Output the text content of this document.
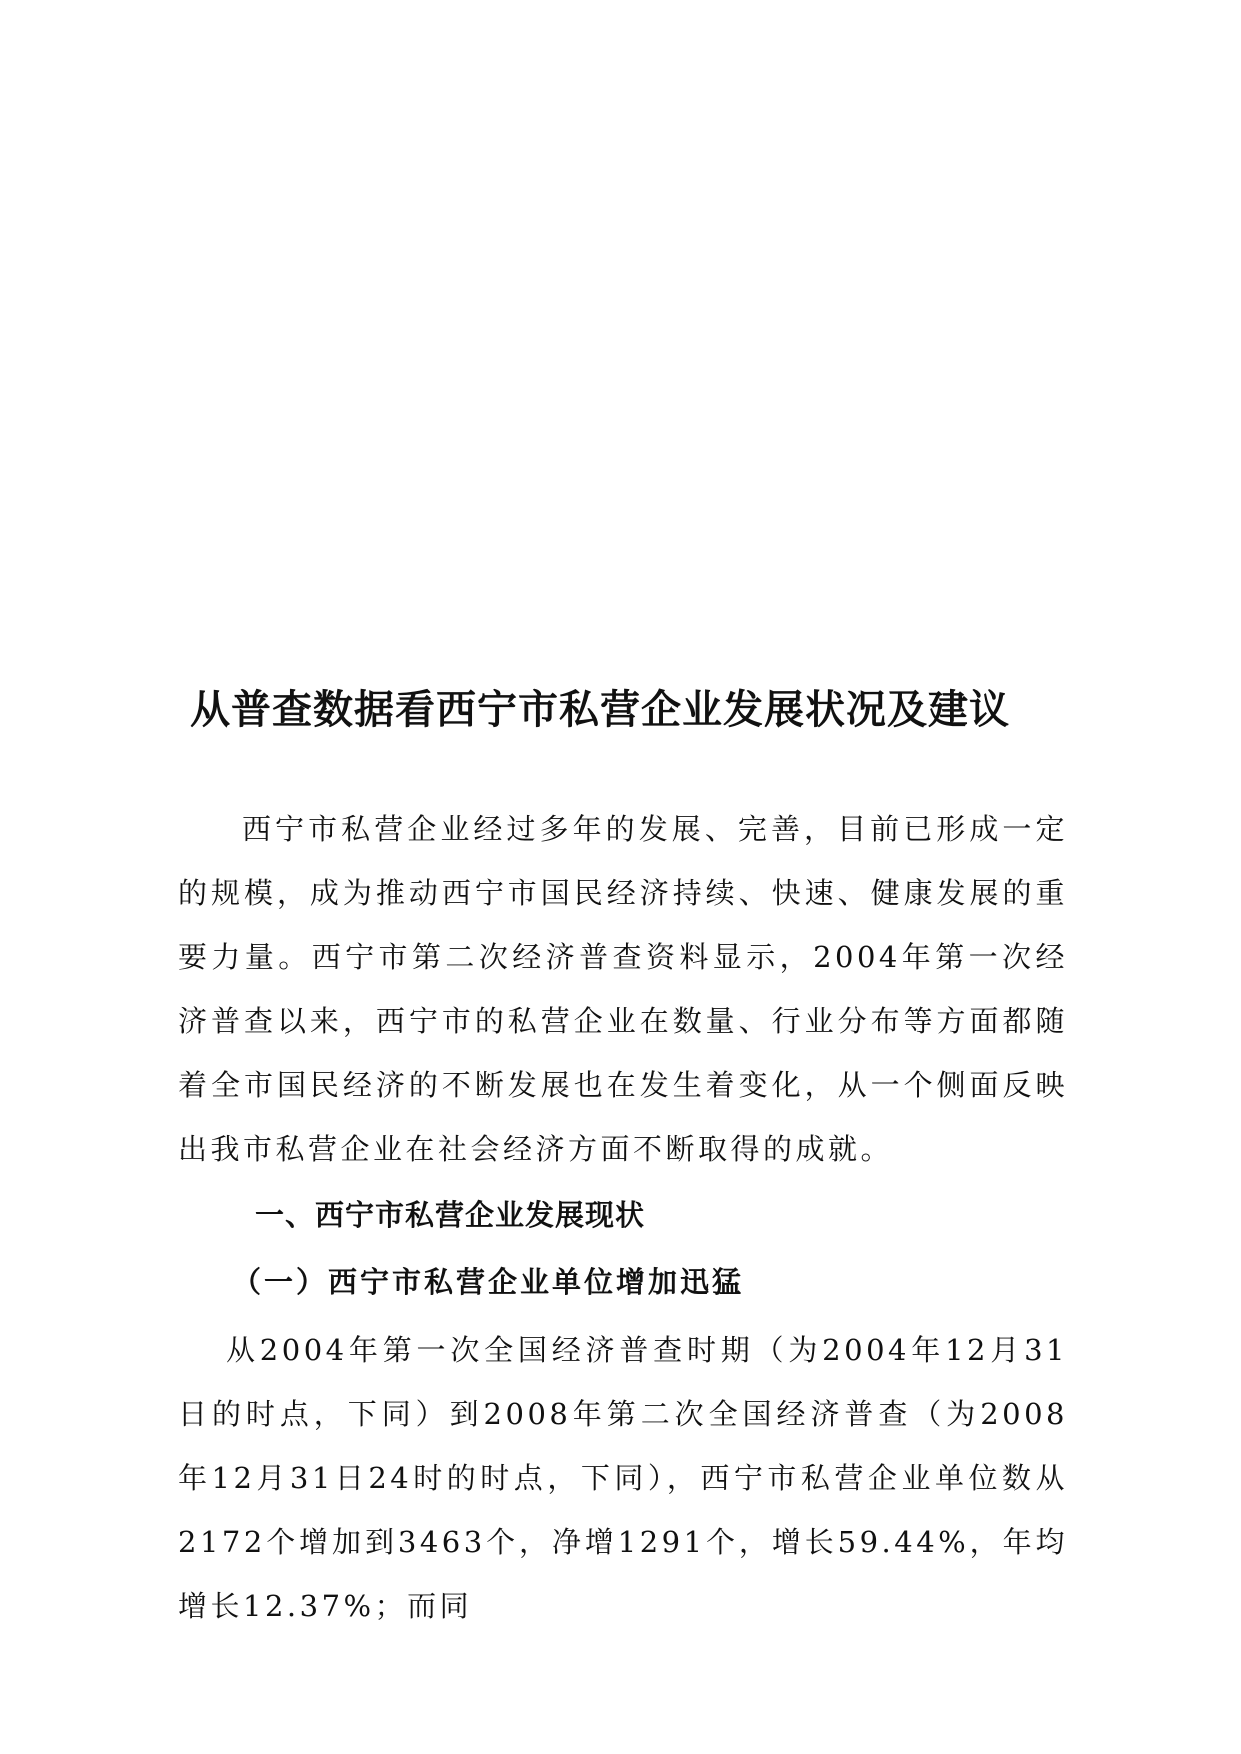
从普查数据看西宁市私营企业发展状况及建议

西宁市私营企业经过多年的发展、完善，目前已形成一定的规模，成为推动西宁市国民经济持续、快速、健康发展的重要力量。西宁市第二次经济普查资料显示，2004年第一次经济普查以来，西宁市的私营企业在数量、行业分布等方面都随着全市国民经济的不断发展也在发生着变化，从一个侧面反映出我市私营企业在社会经济方面不断取得的成就。

一、西宁市私营企业发展现状
（一）西宁市私营企业单位增加迅猛

从2004年第一次全国经济普查时期（为2004年12月31日的时点，下同）到2008年第二次全国经济普查（为2008年12月31日24时的时点，下同），西宁市私营企业单位数从2172个增加到3463个，净增1291个，增长59.44%，年均增长12.37%；而同
